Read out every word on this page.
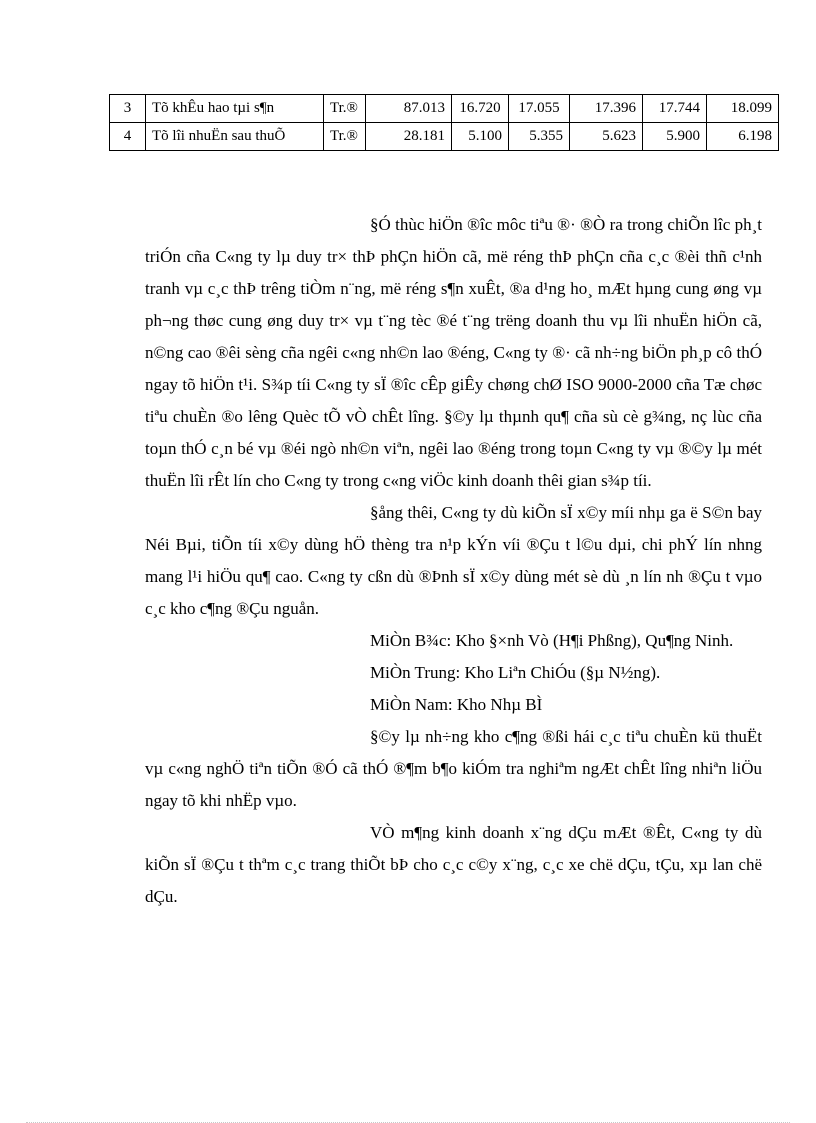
3	Tõ khÊu hao tµi s¶n	Tr.®	87.013	16.720	17.055	17.396	17.744	18.099
4	Tõ lîi nhuËn sau thuÕ	Tr.®	28.181	5.100	5.355	5.623	5.900	6.198

§Ó thùc hiÖn ®îc môc tiªu ®· ®Ò ra trong chiÕn lîc ph¸t triÓn cña C«ng ty lµ duy tr× thÞ phÇn hiÖn cã, më réng thÞ phÇn cña c¸c ®èi thñ c¹nh tranh vµ c¸c thÞ trêng tiÒm n¨ng, më réng s¶n xuÊt, ®a d¹ng ho¸ mÆt hµng cung øng vµ ph¬ng thøc cung øng duy tr× vµ t¨ng tèc ®é t¨ng trëng doanh thu vµ lîi nhuËn hiÖn cã, n©ng cao ®êi sèng cña ngêi c«ng nh©n lao ®éng, C«ng ty ®· cã nh÷ng biÖn ph¸p cô thÓ ngay tõ hiÖn t¹i. S¾p tíi C«ng ty sÏ ®îc cÊp giÊy chøng chØ ISO 9000-2000 cña Tæ chøc tiªu chuÈn ®o lêng Quèc tÕ vÒ chÊt lîng. §©y lµ thµnh qu¶ cña sù cè g¾ng, nç lùc cña toµn thÓ c¸n bé vµ ®éi ngò nh©n viªn, ngêi lao ®éng trong toµn C«ng ty vµ ®©y lµ mét thuËn lîi rÊt lín cho C«ng ty trong c«ng viÖc kinh doanh thêi gian s¾p tíi.

§ång thêi, C«ng ty dù kiÕn sÏ x©y míi nhµ ga ë S©n bay Néi Bµi, tiÕn tíi x©y dùng hÖ thèng tra n¹p kÝn víi ®Çu t l©u dµi, chi phÝ lín nhng mang l¹i hiÖu qu¶ cao. C«ng ty cßn dù ®Þnh sÏ x©y dùng mét sè dù ¸n lín nh ®Çu t vµo c¸c kho c¶ng ®Çu nguån.

MiÒn B¾c: Kho §×nh Vò (H¶i Phßng), Qu¶ng Ninh.

MiÒn Trung: Kho Liªn ChiÓu (§µ N½ng).

MiÒn Nam: Kho Nhµ BÌ

§©y lµ nh÷ng kho c¶ng ®ßi hái c¸c tiªu chuÈn kü thuËt vµ c«ng nghÖ tiªn tiÕn ®Ó cã thÓ ®¶m b¶o kiÓm tra nghiªm ngÆt chÊt lîng nhiªn liÖu ngay tõ khi nhËp vµo.

VÒ m¶ng kinh doanh x¨ng dÇu mÆt ®Êt, C«ng ty dù kiÕn sÏ ®Çu t thªm c¸c trang thiÕt bÞ cho c¸c c©y x¨ng, c¸c xe chë dÇu, tÇu, xµ lan chë dÇu.
